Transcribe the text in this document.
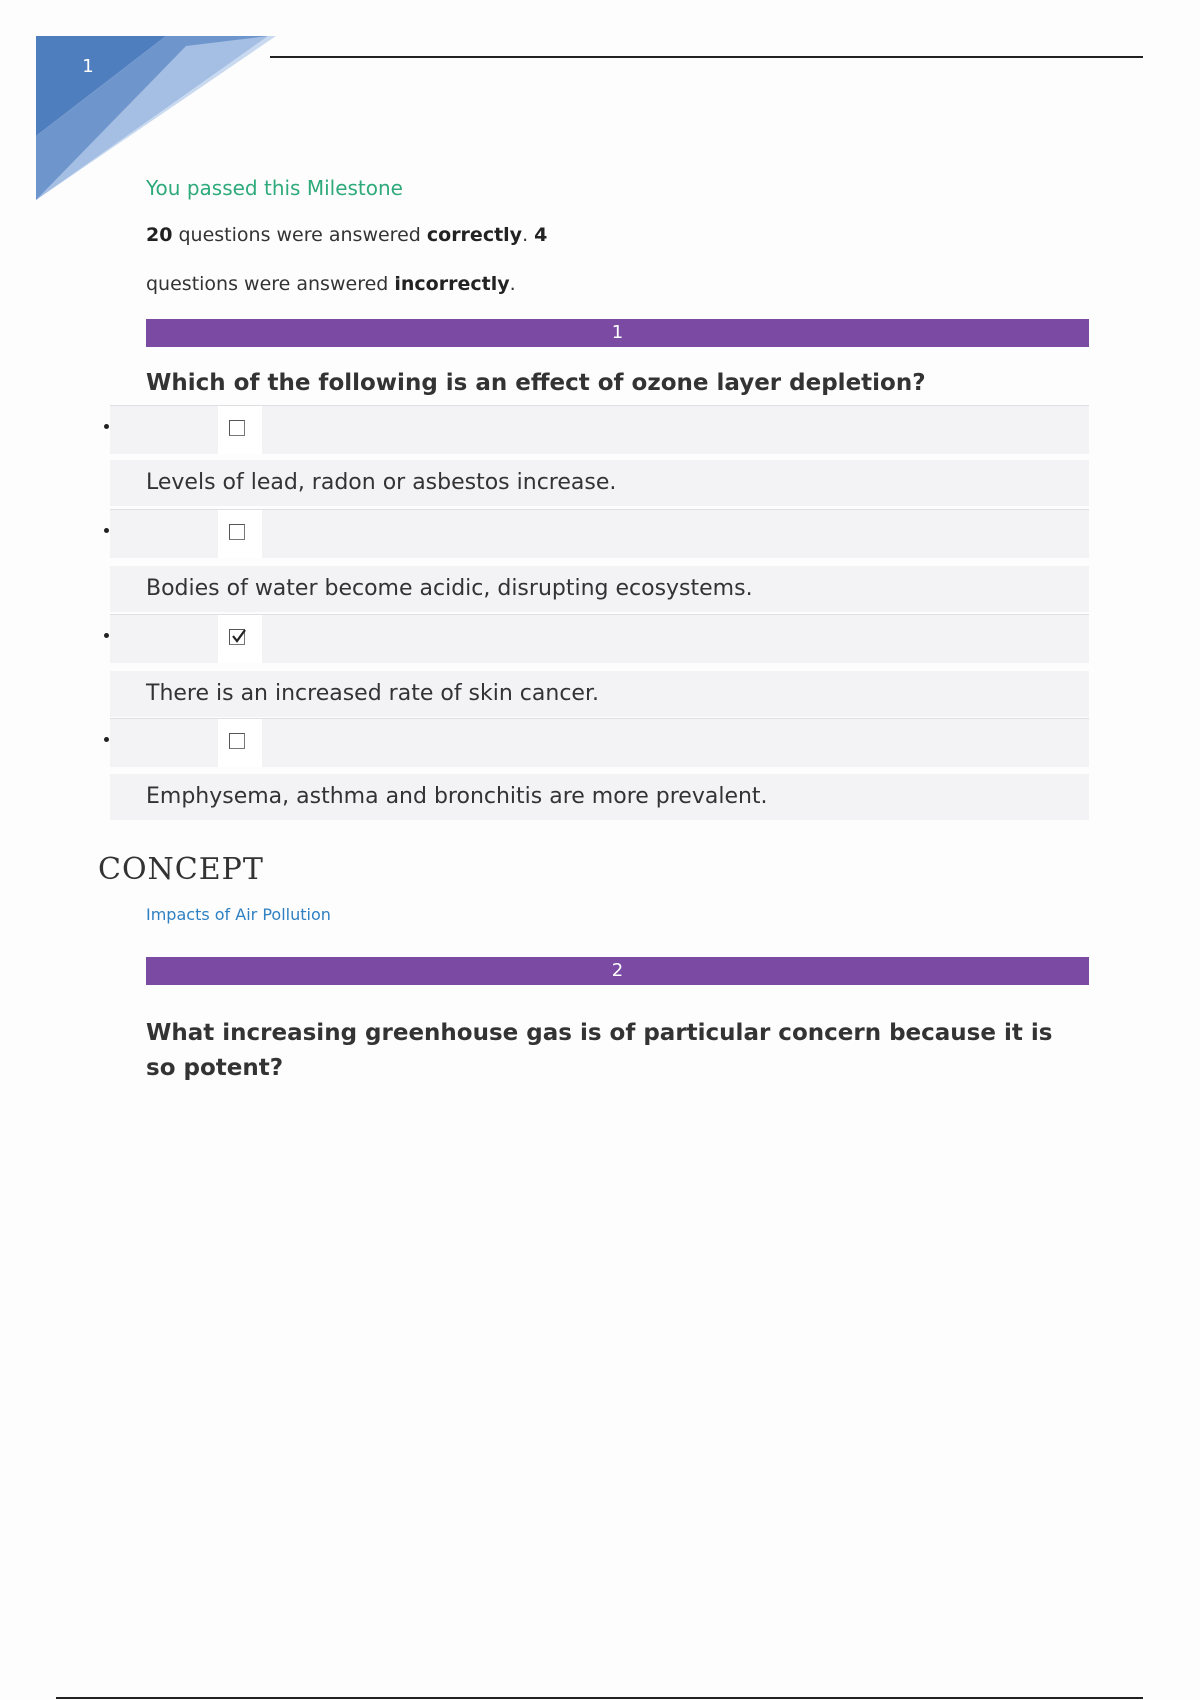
1
You passed this Milestone
20 questions were answered correctly. 4
questions were answered incorrectly.
1
Which of the following is an effect of ozone layer depletion?
Levels of lead, radon or asbestos increase.
Bodies of water become acidic, disrupting ecosystems.
There is an increased rate of skin cancer.
Emphysema, asthma and bronchitis are more prevalent.
CONCEPT
Impacts of Air Pollution
2
What increasing greenhouse gas is of particular concern because it is so potent?
